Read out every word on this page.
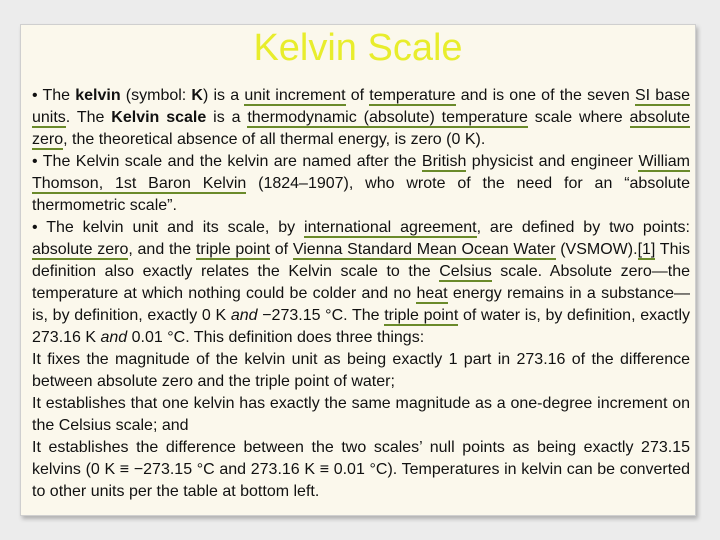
Kelvin Scale

• The kelvin (symbol: K) is a unit increment of temperature and is one of the seven SI base units. The Kelvin scale is a thermodynamic (absolute) temperature scale where absolute zero, the theoretical absence of all thermal energy, is zero (0 K).

• The Kelvin scale and the kelvin are named after the British physicist and engineer William Thomson, 1st Baron Kelvin (1824–1907), who wrote of the need for an “absolute thermometric scale”.

• The kelvin unit and its scale, by international agreement, are defined by two points: absolute zero, and the triple point of Vienna Standard Mean Ocean Water (VSMOW).[1] This definition also exactly relates the Kelvin scale to the Celsius scale. Absolute zero—the temperature at which nothing could be colder and no heat energy remains in a substance—is, by definition, exactly 0 K and −273.15 °C. The triple point of water is, by definition, exactly 273.16 K and 0.01 °C. This definition does three things:

It fixes the magnitude of the kelvin unit as being exactly 1 part in 273.16 of the difference between absolute zero and the triple point of water;

It establishes that one kelvin has exactly the same magnitude as a one-degree increment on the Celsius scale; and

It establishes the difference between the two scales’ null points as being exactly 273.15 kelvins (0 K ≡ −273.15 °C and 273.16 K ≡ 0.01 °C). Temperatures in kelvin can be converted to other units per the table at bottom left.
